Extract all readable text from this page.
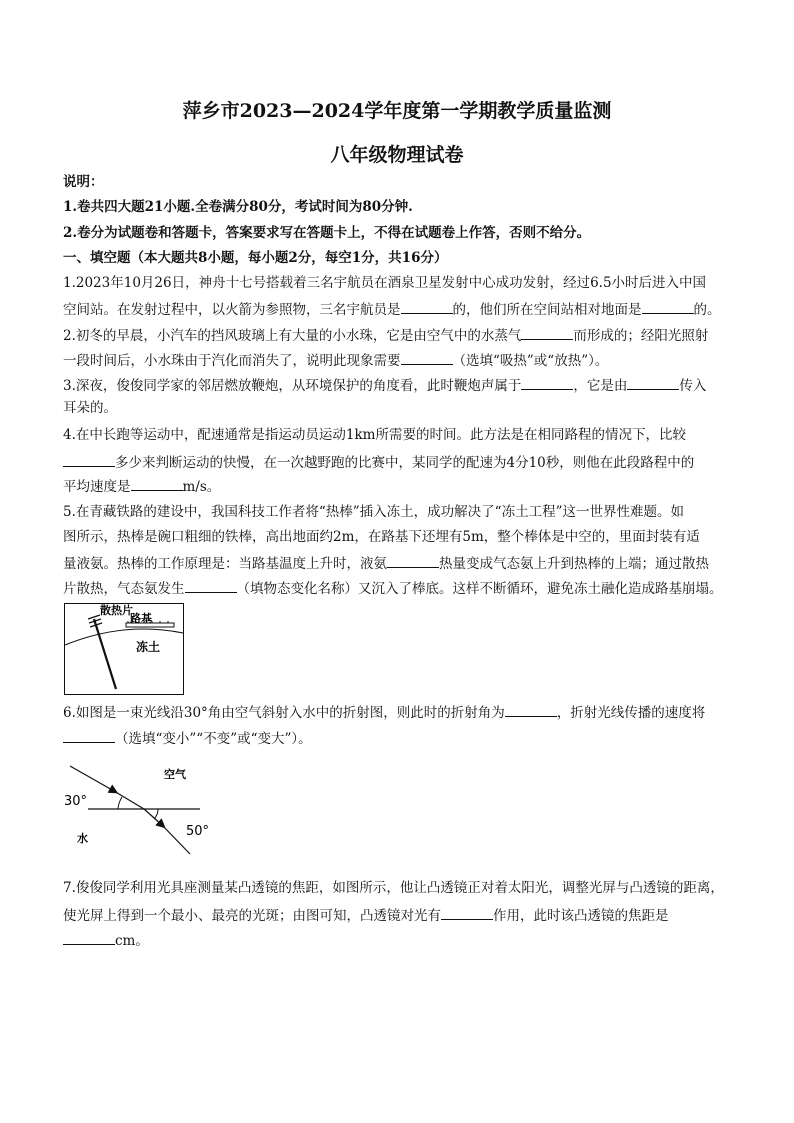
萍乡市2023—2024学年度第一学期教学质量监测
八年级物理试卷
说明：
1.卷共四大题21小题.全卷满分80分，考试时间为80分钟.
2.卷分为试题卷和答题卡，答案要求写在答题卡上，不得在试题卷上作答，否则不给分。
一、填空题（本大题共8小题，每小题2分，每空1分，共16分）
1.2023年10月26日，神舟十七号搭载着三名宇航员在酒泉卫星发射中心成功发射，经过6.5小时后进入中国
空间站。在发射过程中，以火箭为参照物，三名宇航员是	的，他们所在空间站相对地面是	的。
2.初冬的早晨，小汽车的挡风玻璃上有大量的小水珠，它是由空气中的水蒸气	而形成的；经阳光照射
一段时间后，小水珠由于汽化而消失了，说明此现象需要	（选填“吸热”或“放热”）。
3.深夜，俊俊同学家的邻居燃放鞭炮，从环境保护的角度看，此时鞭炮声属于	，它是由	传入
耳朵的。
4.在中长跑等运动中，配速通常是指运动员运动1km所需要的时间。此方法是在相同路程的情况下，比较
多少来判断运动的快慢，在一次越野跑的比赛中，某同学的配速为4分10秒，则他在此段路程中的
平均速度是	m/s。
5.在青藏铁路的建设中，我国科技工作者将“热棒”插入冻土，成功解决了“冻土工程”这一世界性难题。如
图所示，热棒是碗口粗细的铁棒，高出地面约2m，在路基下还埋有5m，整个棒体是中空的，里面封装有适
量液氨。热棒的工作原理是：当路基温度上升时，液氨	热量变成气态氨上升到热棒的上端；通过散热
片散热，气态氨发生	（填物态变化名称）又沉入了棒底。这样不断循环，避免冻土融化造成路基崩塌。
散热片
路基
冻土
6.如图是一束光线沿30°角由空气斜射入水中的折射图，则此时的折射角为	，折射光线传播的速度将
（选填“变小”“不变”或“变大”）。
30°
50°
空气
水
7.俊俊同学利用光具座测量某凸透镜的焦距，如图所示，他让凸透镜正对着太阳光，调整光屏与凸透镜的距离，
使光屏上得到一个最小、最亮的光斑；由图可知，凸透镜对光有	作用，此时该凸透镜的焦距是
cm。
